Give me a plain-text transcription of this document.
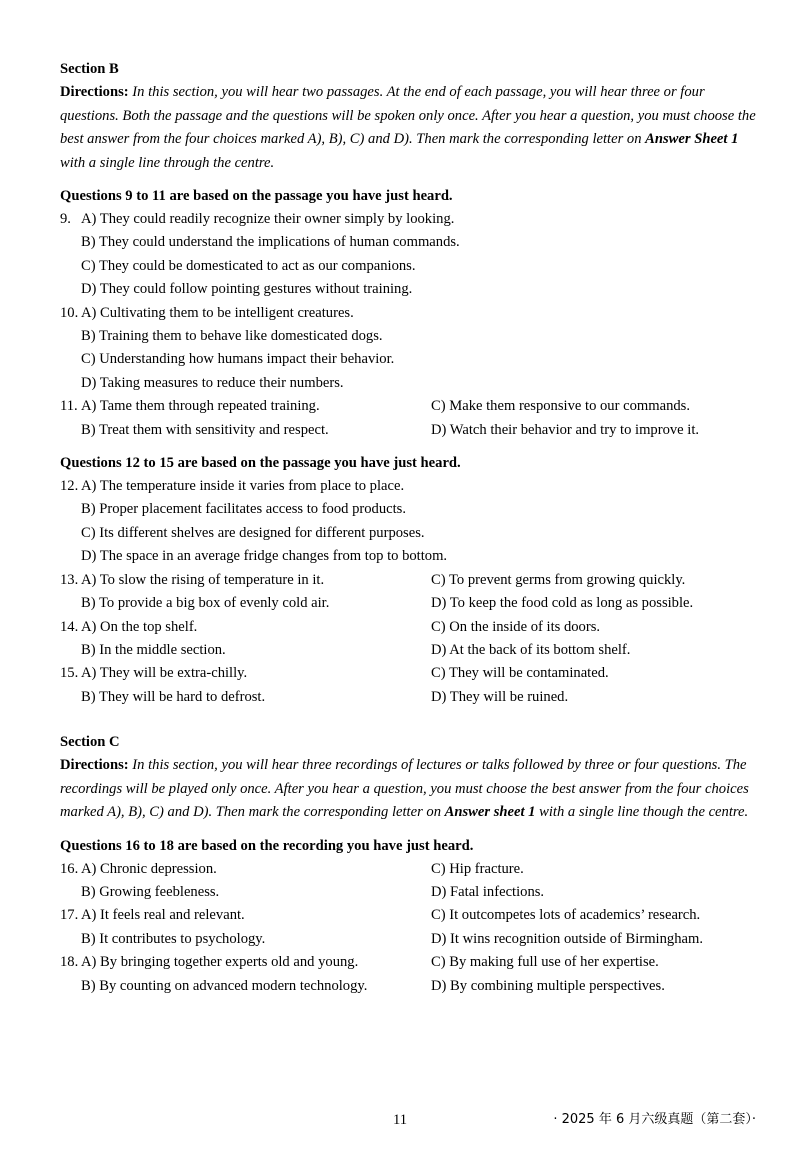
Section B
Directions: In this section, you will hear two passages. At the end of each passage, you will hear three or four questions. Both the passage and the questions will be spoken only once. After you hear a question, you must choose the best answer from the four choices marked A), B), C) and D). Then mark the corresponding letter on Answer Sheet 1 with a single line through the centre.
Questions 9 to 11 are based on the passage you have just heard.
9. A) They could readily recognize their owner simply by looking.
B) They could understand the implications of human commands.
C) They could be domesticated to act as our companions.
D) They could follow pointing gestures without training.
10. A) Cultivating them to be intelligent creatures.
B) Training them to behave like domesticated dogs.
C) Understanding how humans impact their behavior.
D) Taking measures to reduce their numbers.
11. A) Tame them through repeated training.	C) Make them responsive to our commands.
B) Treat them with sensitivity and respect.	D) Watch their behavior and try to improve it.
Questions 12 to 15 are based on the passage you have just heard.
12. A) The temperature inside it varies from place to place.
B) Proper placement facilitates access to food products.
C) Its different shelves are designed for different purposes.
D) The space in an average fridge changes from top to bottom.
13. A) To slow the rising of temperature in it.	C) To prevent germs from growing quickly.
B) To provide a big box of evenly cold air.	D) To keep the food cold as long as possible.
14. A) On the top shelf.	C) On the inside of its doors.
B) In the middle section.	D) At the back of its bottom shelf.
15. A) They will be extra-chilly.	C) They will be contaminated.
B) They will be hard to defrost.	D) They will be ruined.
Section C
Directions: In this section, you will hear three recordings of lectures or talks followed by three or four questions. The recordings will be played only once. After you hear a question, you must choose the best answer from the four choices marked A), B), C) and D). Then mark the corresponding letter on Answer sheet 1 with a single line though the centre.
Questions 16 to 18 are based on the recording you have just heard.
16. A) Chronic depression.	C) Hip fracture.
B) Growing feebleness.	D) Fatal infections.
17. A) It feels real and relevant.	C) It outcompetes lots of academics’ research.
B) It contributes to psychology.	D) It wins recognition outside of Birmingham.
18. A) By bringing together experts old and young.	C) By making full use of her expertise.
B) By counting on advanced modern technology.	D) By combining multiple perspectives.
11	· 2025 年 6 月六级真题（第二套）·
